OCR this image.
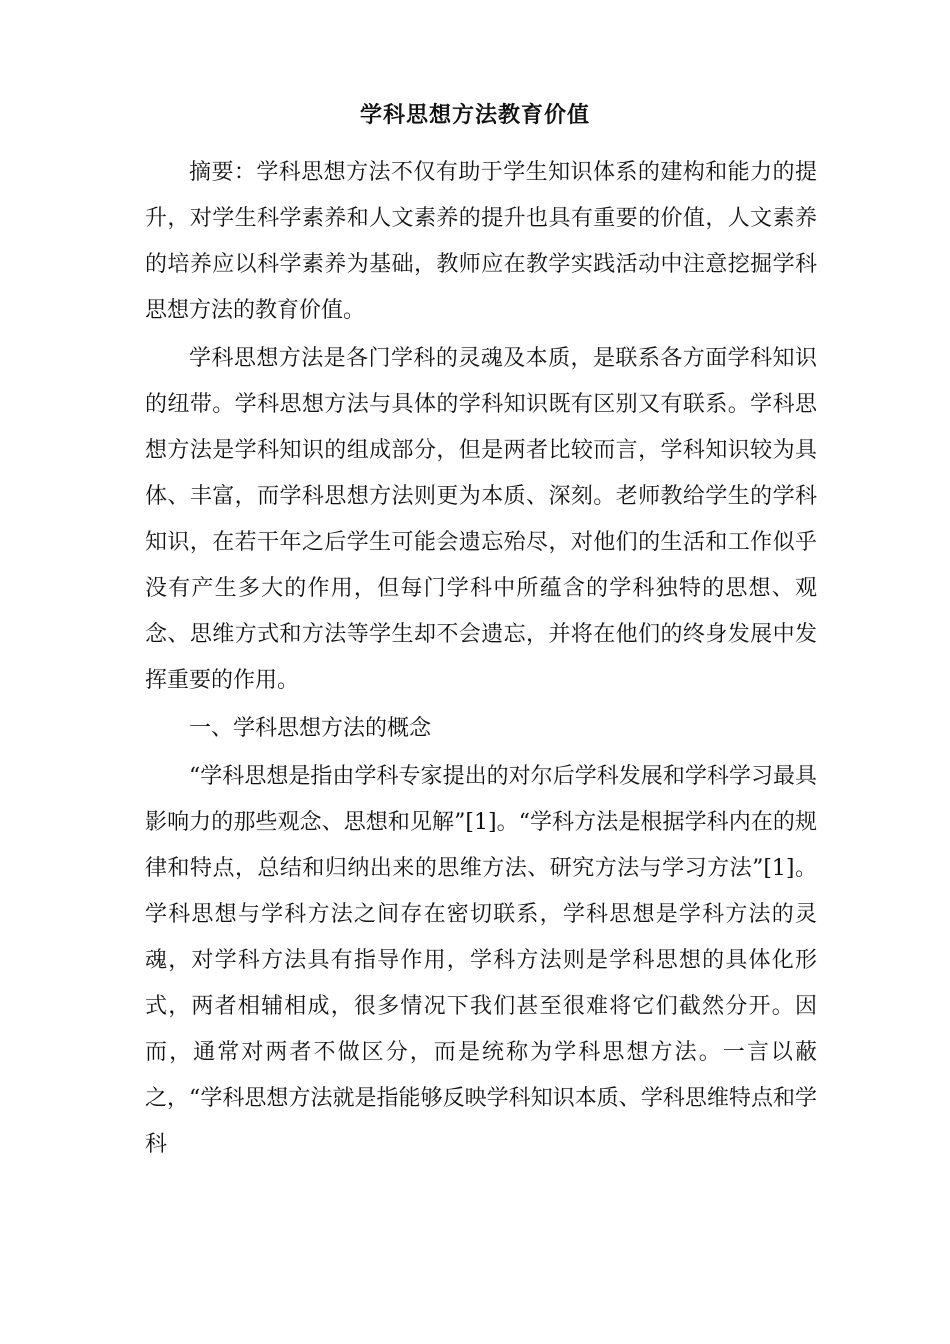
学科思想方法教育价值

摘要：学科思想方法不仅有助于学生知识体系的建构和能力的提升，对学生科学素养和人文素养的提升也具有重要的价值，人文素养的培养应以科学素养为基础，教师应在教学实践活动中注意挖掘学科思想方法的教育价值。

学科思想方法是各门学科的灵魂及本质，是联系各方面学科知识的纽带。学科思想方法与具体的学科知识既有区别又有联系。学科思想方法是学科知识的组成部分，但是两者比较而言，学科知识较为具体、丰富，而学科思想方法则更为本质、深刻。老师教给学生的学科知识，在若干年之后学生可能会遗忘殆尽，对他们的生活和工作似乎没有产生多大的作用，但每门学科中所蕴含的学科独特的思想、观念、思维方式和方法等学生却不会遗忘，并将在他们的终身发展中发挥重要的作用。

一、学科思想方法的概念

“学科思想是指由学科专家提出的对尔后学科发展和学科学习最具影响力的那些观念、思想和见解”[1]。“学科方法是根据学科内在的规律和特点，总结和归纳出来的思维方法、研究方法与学习方法”[1]。学科思想与学科方法之间存在密切联系，学科思想是学科方法的灵魂，对学科方法具有指导作用，学科方法则是学科思想的具体化形式，两者相辅相成，很多情况下我们甚至很难将它们截然分开。因而，通常对两者不做区分，而是统称为学科思想方法。一言以蔽之，“学科思想方法就是指能够反映学科知识本质、学科思维特点和学科
